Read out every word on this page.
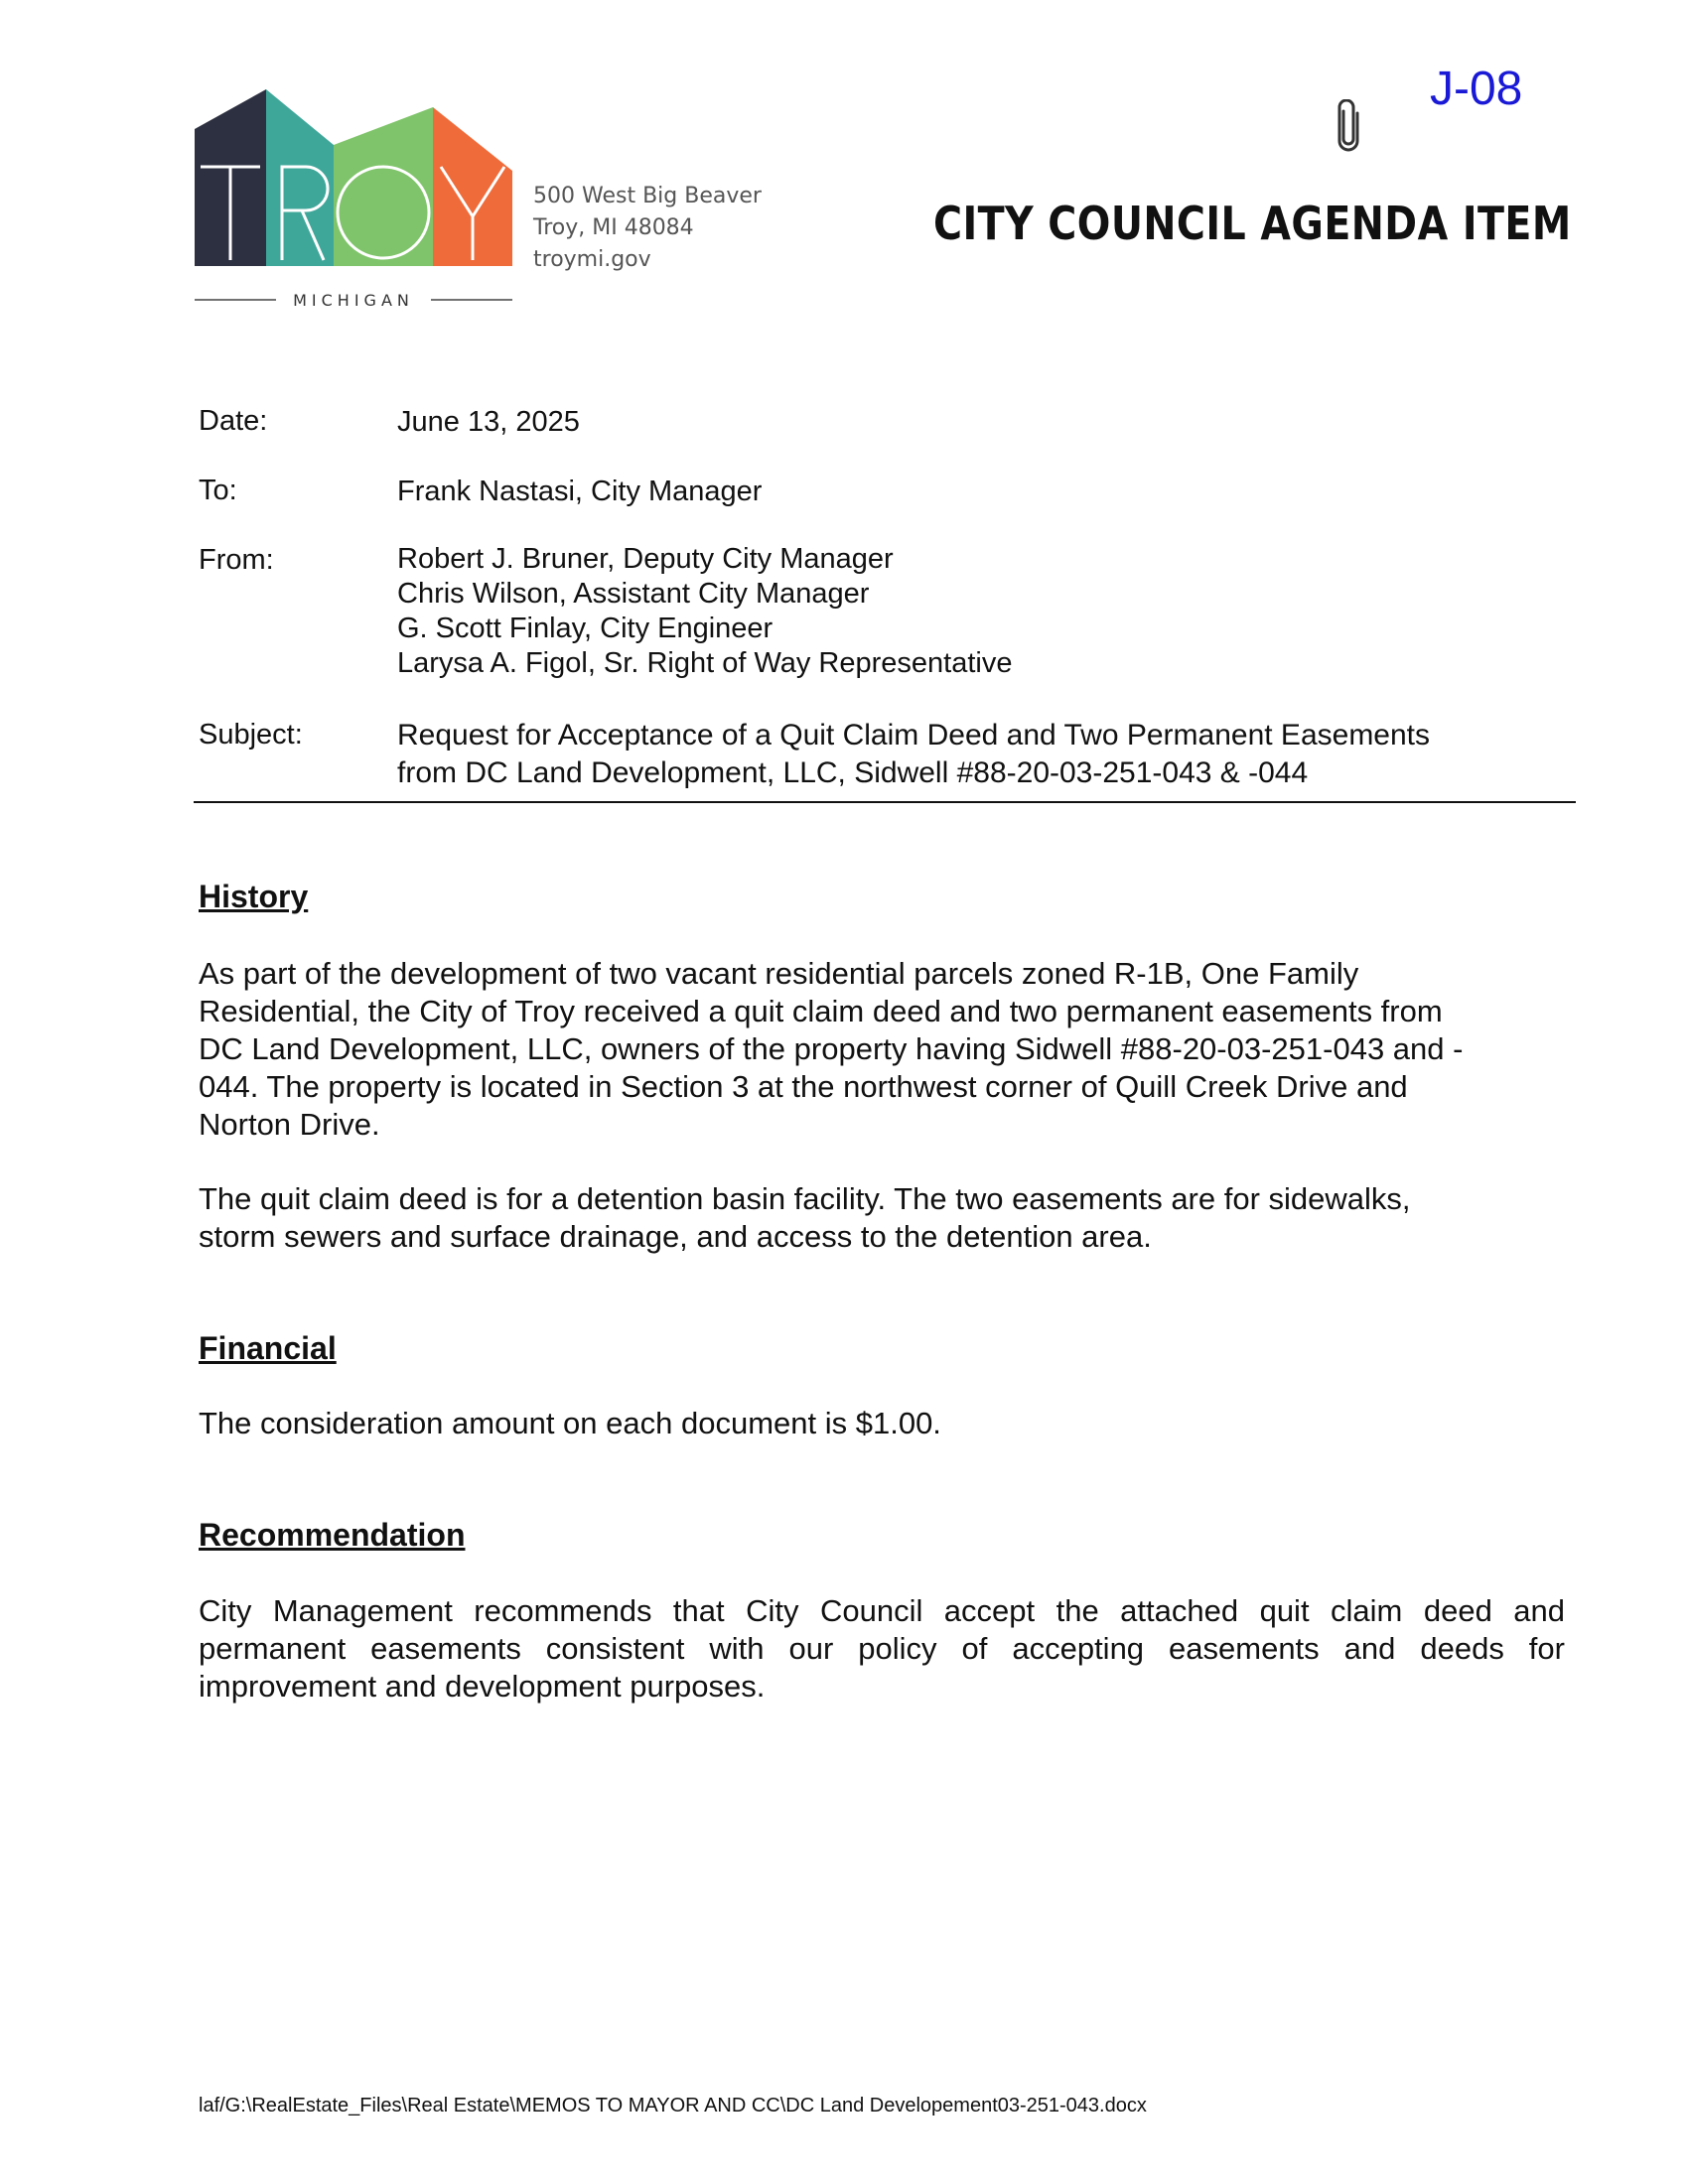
MICHIGAN
500 West Big Beaver
Troy, MI 48084
troymi.gov
J-08
CITY COUNCIL AGENDA ITEM
Date:	June 13, 2025
To:	Frank Nastasi, City Manager
From:	Robert J. Bruner, Deputy City Manager
Chris Wilson, Assistant City Manager
G. Scott Finlay, City Engineer
Larysa A. Figol, Sr. Right of Way Representative
Subject:	Request for Acceptance of a Quit Claim Deed and Two Permanent Easements
from DC Land Development, LLC, Sidwell #88-20-03-251-043 & -044
History
As part of the development of two vacant residential parcels zoned R-1B, One Family
Residential, the City of Troy received a quit claim deed and two permanent easements from
DC Land Development, LLC, owners of the property having Sidwell #88-20-03-251-043 and -
044. The property is located in Section 3 at the northwest corner of Quill Creek Drive and
Norton Drive.
The quit claim deed is for a detention basin facility. The two easements are for sidewalks,
storm sewers and surface drainage, and access to the detention area.
Financial
The consideration amount on each document is $1.00.
Recommendation
City Management recommends that City Council accept the attached quit claim deed and permanent easements consistent with our policy of accepting easements and deeds for improvement and development purposes.
laf/G:\RealEstate_Files\Real Estate\MEMOS TO MAYOR AND CC\DC Land Developement03-251-043.docx
